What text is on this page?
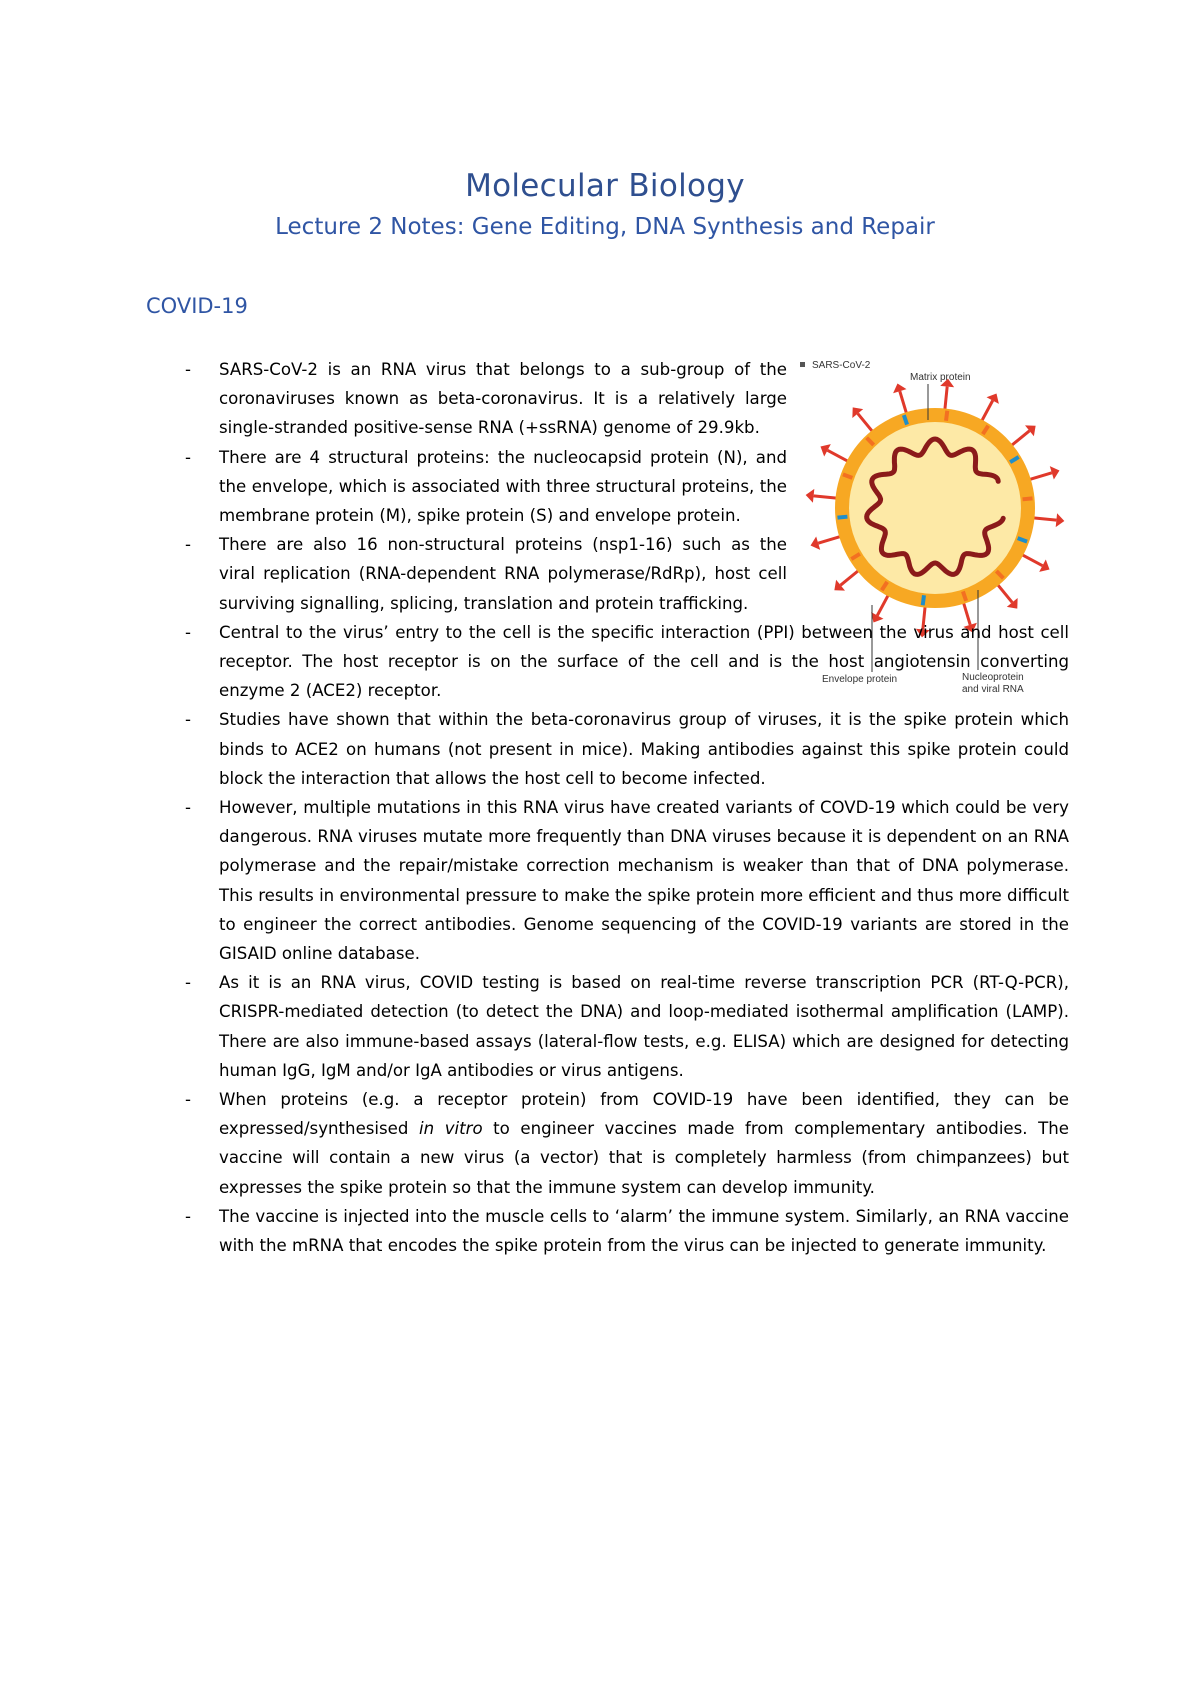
Molecular Biology
Lecture 2 Notes: Gene Editing, DNA Synthesis and Repair
COVID-19
SARS-CoV-2
Matrix protein
Envelope protein	Nucleoprotein
and viral RNA
- SARS-CoV-2 is an RNA virus that belongs to a sub-group of the coronaviruses known as beta-coronavirus. It is a relatively large single-stranded positive-sense RNA (+ssRNA) genome of 29.9kb.
- There are 4 structural proteins: the nucleocapsid protein (N), and the envelope, which is associated with three structural proteins, the membrane protein (M), spike protein (S) and envelope protein.
- There are also 16 non-structural proteins (nsp1-16) such as the viral replication (RNA-dependent RNA polymerase/RdRp), host cell surviving signalling, splicing, translation and protein trafficking.
- Central to the virus’ entry to the cell is the specific interaction (PPI) between the virus and host cell receptor. The host receptor is on the surface of the cell and is the host angiotensin converting enzyme 2 (ACE2) receptor.
- Studies have shown that within the beta-coronavirus group of viruses, it is the spike protein which binds to ACE2 on humans (not present in mice). Making antibodies against this spike protein could block the interaction that allows the host cell to become infected.
- However, multiple mutations in this RNA virus have created variants of COVD-19 which could be very dangerous. RNA viruses mutate more frequently than DNA viruses because it is dependent on an RNA polymerase and the repair/mistake correction mechanism is weaker than that of DNA polymerase. This results in environmental pressure to make the spike protein more efficient and thus more difficult to engineer the correct antibodies. Genome sequencing of the COVID-19 variants are stored in the GISAID online database.
- As it is an RNA virus, COVID testing is based on real-time reverse transcription PCR (RT-Q-PCR), CRISPR-mediated detection (to detect the DNA) and loop-mediated isothermal amplification (LAMP). There are also immune-based assays (lateral-flow tests, e.g. ELISA) which are designed for detecting human IgG, IgM and/or IgA antibodies or virus antigens.
- When proteins (e.g. a receptor protein) from COVID-19 have been identified, they can be expressed/synthesised in vitro to engineer vaccines made from complementary antibodies. The vaccine will contain a new virus (a vector) that is completely harmless (from chimpanzees) but expresses the spike protein so that the immune system can develop immunity.
- The vaccine is injected into the muscle cells to ‘alarm’ the immune system. Similarly, an RNA vaccine with the mRNA that encodes the spike protein from the virus can be injected to generate immunity.
